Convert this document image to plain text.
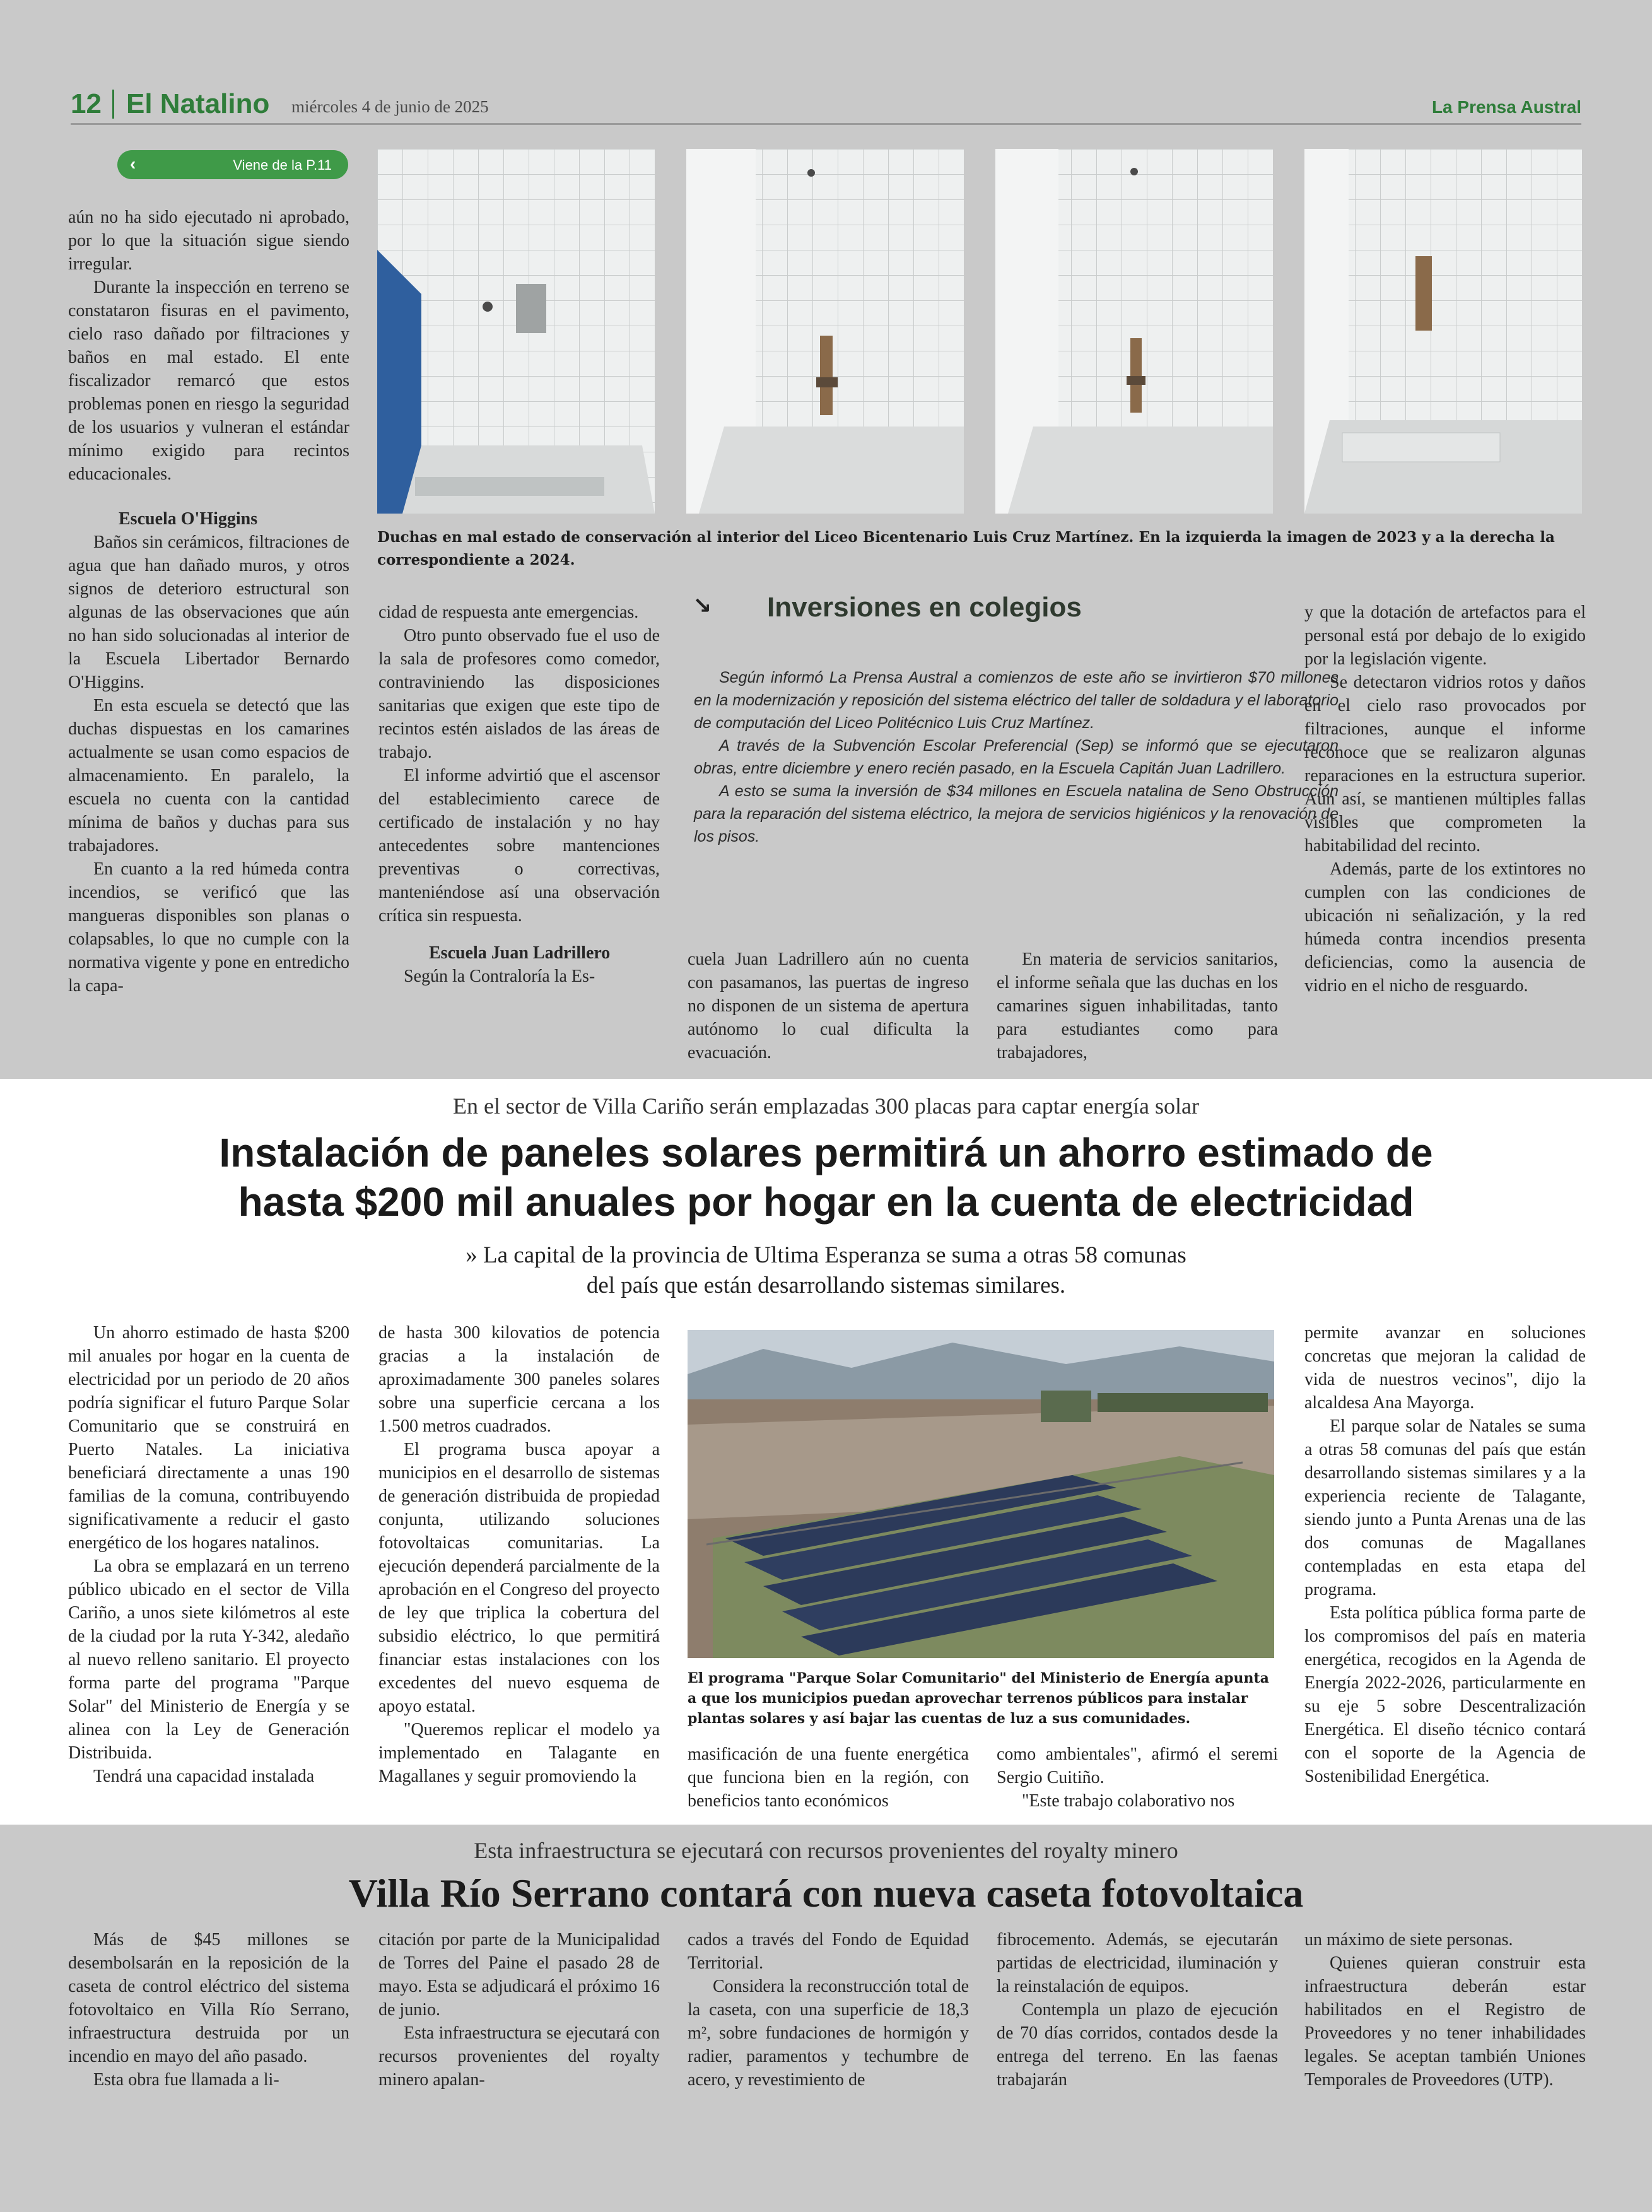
12 El Natalino miércoles 4 de junio de 2025	La Prensa Austral
‹	Viene de la P.11

aún no ha sido ejecutado ni aprobado, por lo que la situación sigue siendo irregular.

Durante la inspección en terreno se constataron fisuras en el pavimento, cielo raso dañado por filtraciones y baños en mal estado. El ente fiscalizador remarcó que estos problemas ponen en riesgo la seguridad de los usuarios y vulneran el estándar mínimo exigido para recintos educacionales.

Escuela O'Higgins

Baños sin cerámicos, filtraciones de agua que han dañado muros, y otros signos de deterioro estructural son algunas de las observaciones que aún no han sido solucionadas al interior de la Escuela Libertador Bernardo O'Higgins.

En esta escuela se detectó que las duchas dispuestas en los camarines actualmente se usan como espacios de almacenamiento. En paralelo, la escuela no cuenta con la cantidad mínima de baños y duchas para sus trabajadores.

En cuanto a la red húmeda contra incendios, se verificó que las mangueras disponibles son planas o colapsables, lo que no cumple con la normativa vigente y pone en entredicho la capa-

Duchas en mal estado de conservación al interior del Liceo Bicentenario Luis Cruz Martínez. En la izquierda la imagen de 2023 y a la derecha la correspondiente a 2024.

cidad de respuesta ante emergencias.

Otro punto observado fue el uso de la sala de profesores como comedor, contraviniendo las disposiciones sanitarias que exigen que este tipo de recintos estén aislados de las áreas de trabajo.

El informe advirtió que el ascensor del establecimiento carece de certificado de instalación y no hay antecedentes sobre mantenciones preventivas o correctivas, manteniéndose así una observación crítica sin respuesta.

Escuela Juan Ladrillero

Según la Contraloría la Es-

↘ Inversiones en colegios

Según informó La Prensa Austral a comienzos de este año se invirtieron $70 millones en la modernización y reposición del sistema eléctrico del taller de soldadura y el laboratorio de computación del Liceo Politécnico Luis Cruz Martínez.

A través de la Subvención Escolar Preferencial (Sep) se informó que se ejecutaron obras, entre diciembre y enero recién pasado, en la Escuela Capitán Juan Ladrillero.

A esto se suma la inversión de $34 millones en Escuela natalina de Seno Obstrucción para la reparación del sistema eléctrico, la mejora de servicios higiénicos y la renovación de los pisos.

cuela Juan Ladrillero aún no cuenta con pasamanos, las puertas de ingreso no disponen de un sistema de apertura autónomo lo cual dificulta la evacuación.

En materia de servicios sanitarios, el informe señala que las duchas en los camarines siguen inhabilitadas, tanto para estudiantes como para trabajadores,

y que la dotación de artefactos para el personal está por debajo de lo exigido por la legislación vigente.

Se detectaron vidrios rotos y daños en el cielo raso provocados por filtraciones, aunque el informe reconoce que se realizaron algunas reparaciones en la estructura superior. Aun así, se mantienen múltiples fallas visibles que comprometen la habitabilidad del recinto.

Además, parte de los extintores no cumplen con las condiciones de ubicación ni señalización, y la red húmeda contra incendios presenta deficiencias, como la ausencia de vidrio en el nicho de resguardo.

En el sector de Villa Cariño serán emplazadas 300 placas para captar energía solar
Instalación de paneles solares permitirá un ahorro estimado de
hasta $200 mil anuales por hogar en la cuenta de electricidad
» La capital de la provincia de Ultima Esperanza se suma a otras 58 comunas
del país que están desarrollando sistemas similares.

Un ahorro estimado de hasta $200 mil anuales por hogar en la cuenta de electricidad por un periodo de 20 años podría significar el futuro Parque Solar Comunitario que se construirá en Puerto Natales. La iniciativa beneficiará directamente a unas 190 familias de la comuna, contribuyendo significativamente a reducir el gasto energético de los hogares natalinos.

La obra se emplazará en un terreno público ubicado en el sector de Villa Cariño, a unos siete kilómetros al este de la ciudad por la ruta Y-342, aledaño al nuevo relleno sanitario. El proyecto forma parte del programa "Parque Solar" del Ministerio de Energía y se alinea con la Ley de Generación Distribuida.

Tendrá una capacidad instalada

de hasta 300 kilovatios de potencia gracias a la instalación de aproximadamente 300 paneles solares sobre una superficie cercana a los 1.500 metros cuadrados.

El programa busca apoyar a municipios en el desarrollo de sistemas de generación distribuida de propiedad conjunta, utilizando soluciones fotovoltaicas comunitarias. La ejecución dependerá parcialmente de la aprobación en el Congreso del proyecto de ley que triplica la cobertura del subsidio eléctrico, lo que permitirá financiar estas instalaciones con los excedentes del nuevo esquema de apoyo estatal.

"Queremos replicar el modelo ya implementado en Talagante en Magallanes y seguir promoviendo la

El programa "Parque Solar Comunitario" del Ministerio de Energía apunta a que los municipios puedan aprovechar terrenos públicos para instalar plantas solares y así bajar las cuentas de luz a sus comunidades.

masificación de una fuente energética que funciona bien en la región, con beneficios tanto económicos

como ambientales", afirmó el seremi Sergio Cuitiño.

"Este trabajo colaborativo nos

permite avanzar en soluciones concretas que mejoran la calidad de vida de nuestros vecinos", dijo la alcaldesa Ana Mayorga.

El parque solar de Natales se suma a otras 58 comunas del país que están desarrollando sistemas similares y a la experiencia reciente de Talagante, siendo junto a Punta Arenas una de las dos comunas de Magallanes contempladas en esta etapa del programa.

Esta política pública forma parte de los compromisos del país en materia energética, recogidos en la Agenda de Energía 2022-2026, particularmente en su eje 5 sobre Descentralización Energética. El diseño técnico contará con el soporte de la Agencia de Sostenibilidad Energética.

Esta infraestructura se ejecutará con recursos provenientes del royalty minero
Villa Río Serrano contará con nueva caseta fotovoltaica

Más de $45 millones se desembolsarán en la reposición de la caseta de control eléctrico del sistema fotovoltaico en Villa Río Serrano, infraestructura destruida por un incendio en mayo del año pasado.

Esta obra fue llamada a li-

citación por parte de la Municipalidad de Torres del Paine el pasado 28 de mayo. Esta se adjudicará el próximo 16 de junio.

Esta infraestructura se ejecutará con recursos provenientes del royalty minero apalan-

cados a través del Fondo de Equidad Territorial.

Considera la reconstrucción total de la caseta, con una superficie de 18,3 m², sobre fundaciones de hormigón y radier, paramentos y techumbre de acero, y revestimiento de

fibrocemento. Además, se ejecutarán partidas de electricidad, iluminación y la reinstalación de equipos.

Contempla un plazo de ejecución de 70 días corridos, contados desde la entrega del terreno. En las faenas trabajarán

un máximo de siete personas.

Quienes quieran construir esta infraestructura deberán estar habilitados en el Registro de Proveedores y no tener inhabilidades legales. Se aceptan también Uniones Temporales de Proveedores (UTP).
